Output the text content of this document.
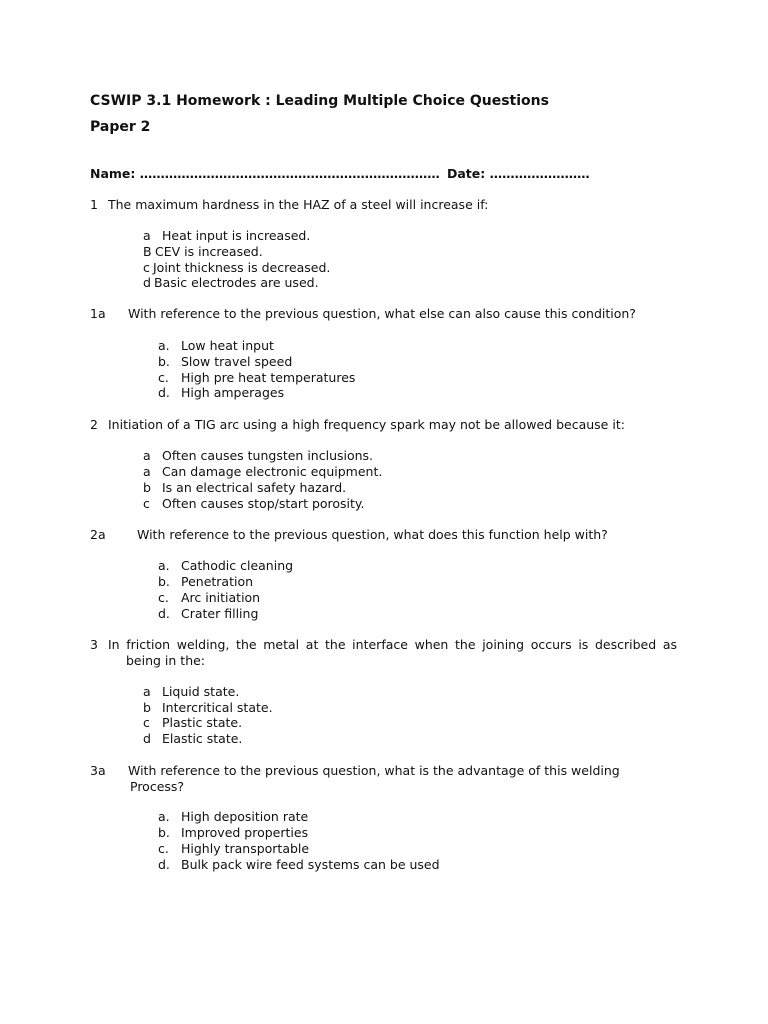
CSWIP 3.1 Homework : Leading Multiple Choice Questions
Paper 2
Name: ……………………………………………………………… Date: ……………………
1 The maximum hardness in the HAZ of a steel will increase if:
a Heat input is increased.
B CEV is increased.
c Joint thickness is decreased.
d Basic electrodes are used.
1a With reference to the previous question, what else can also cause this condition?
a. Low heat input
b. Slow travel speed
c. High pre heat temperatures
d. High amperages
2 Initiation of a TIG arc using a high frequency spark may not be allowed because it:
a Often causes tungsten inclusions.
a Can damage electronic equipment.
b Is an electrical safety hazard.
c Often causes stop/start porosity.
2a	With reference to the previous question, what does this function help with?
a. Cathodic cleaning
b. Penetration
c. Arc initiation
d. Crater filling
3 In friction welding, the metal at the interface when the joining occurs is described as
being in the:
a Liquid state.
b Intercritical state.
c Plastic state.
d Elastic state.
3a With reference to the previous question, what is the advantage of this welding
Process?
a. High deposition rate
b. Improved properties
c. Highly transportable
d. Bulk pack wire feed systems can be used
